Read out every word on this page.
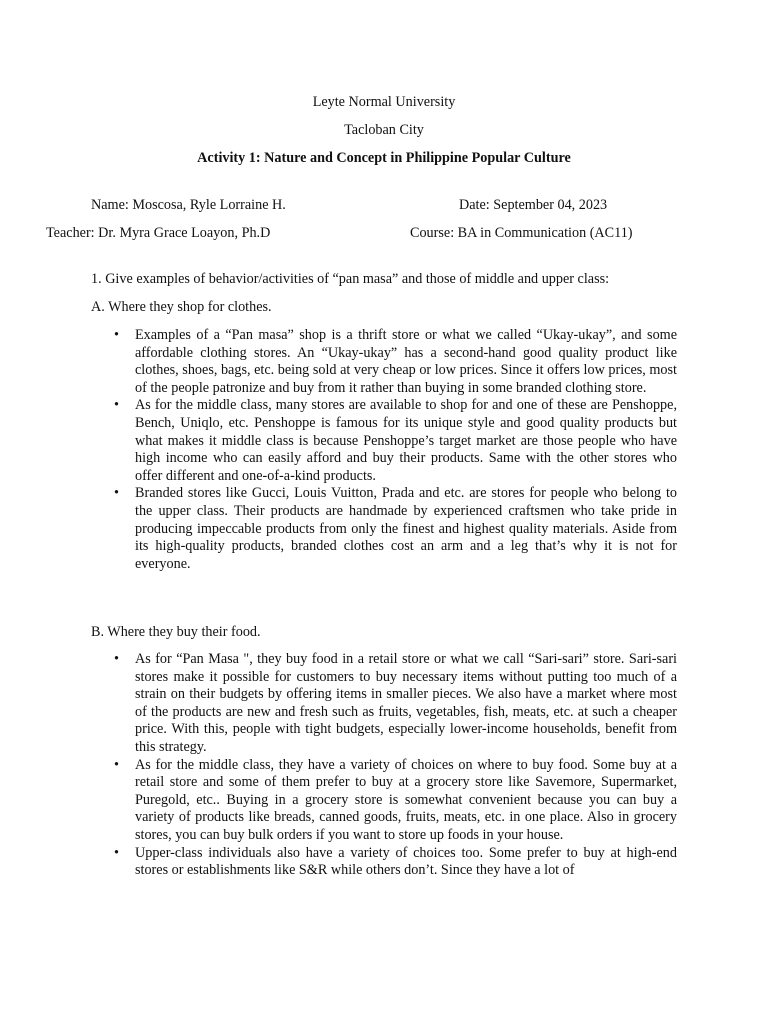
Leyte Normal University
Tacloban City
Activity 1: Nature and Concept in Philippine Popular Culture
Name: Moscosa, Ryle Lorraine H.	Date: September 04, 2023
Teacher: Dr. Myra Grace Loayon, Ph.D	Course: BA in Communication (AC11)
1. Give examples of behavior/activities of “pan masa” and those of middle and upper class:
A. Where they shop for clothes.
• Examples of a “Pan masa” shop is a thrift store or what we called “Ukay-ukay”, and some affordable clothing stores. An “Ukay-ukay” has a second-hand good quality product like clothes, shoes, bags, etc. being sold at very cheap or low prices. Since it offers low prices, most of the people patronize and buy from it rather than buying in some branded clothing store.
• As for the middle class, many stores are available to shop for and one of these are Penshoppe, Bench, Uniqlo, etc. Penshoppe is famous for its unique style and good quality products but what makes it middle class is because Penshoppe’s target market are those people who have high income who can easily afford and buy their products. Same with the other stores who offer different and one-of-a-kind products.
• Branded stores like Gucci, Louis Vuitton, Prada and etc. are stores for people who belong to the upper class. Their products are handmade by experienced craftsmen who take pride in producing impeccable products from only the finest and highest quality materials. Aside from its high-quality products, branded clothes cost an arm and a leg that’s why it is not for everyone.
B. Where they buy their food.
• As for “Pan Masa ", they buy food in a retail store or what we call “Sari-sari” store. Sari-sari stores make it possible for customers to buy necessary items without putting too much of a strain on their budgets by offering items in smaller pieces. We also have a market where most of the products are new and fresh such as fruits, vegetables, fish, meats, etc. at such a cheaper price. With this, people with tight budgets, especially lower-income households, benefit from this strategy.
• As for the middle class, they have a variety of choices on where to buy food. Some buy at a retail store and some of them prefer to buy at a grocery store like Savemore, Supermarket, Puregold, etc.. Buying in a grocery store is somewhat convenient because you can buy a variety of products like breads, canned goods, fruits, meats, etc. in one place. Also in grocery stores, you can buy bulk orders if you want to store up foods in your house.
• Upper-class individuals also have a variety of choices too. Some prefer to buy at high-end stores or establishments like S&R while others don’t. Since they have a lot of
